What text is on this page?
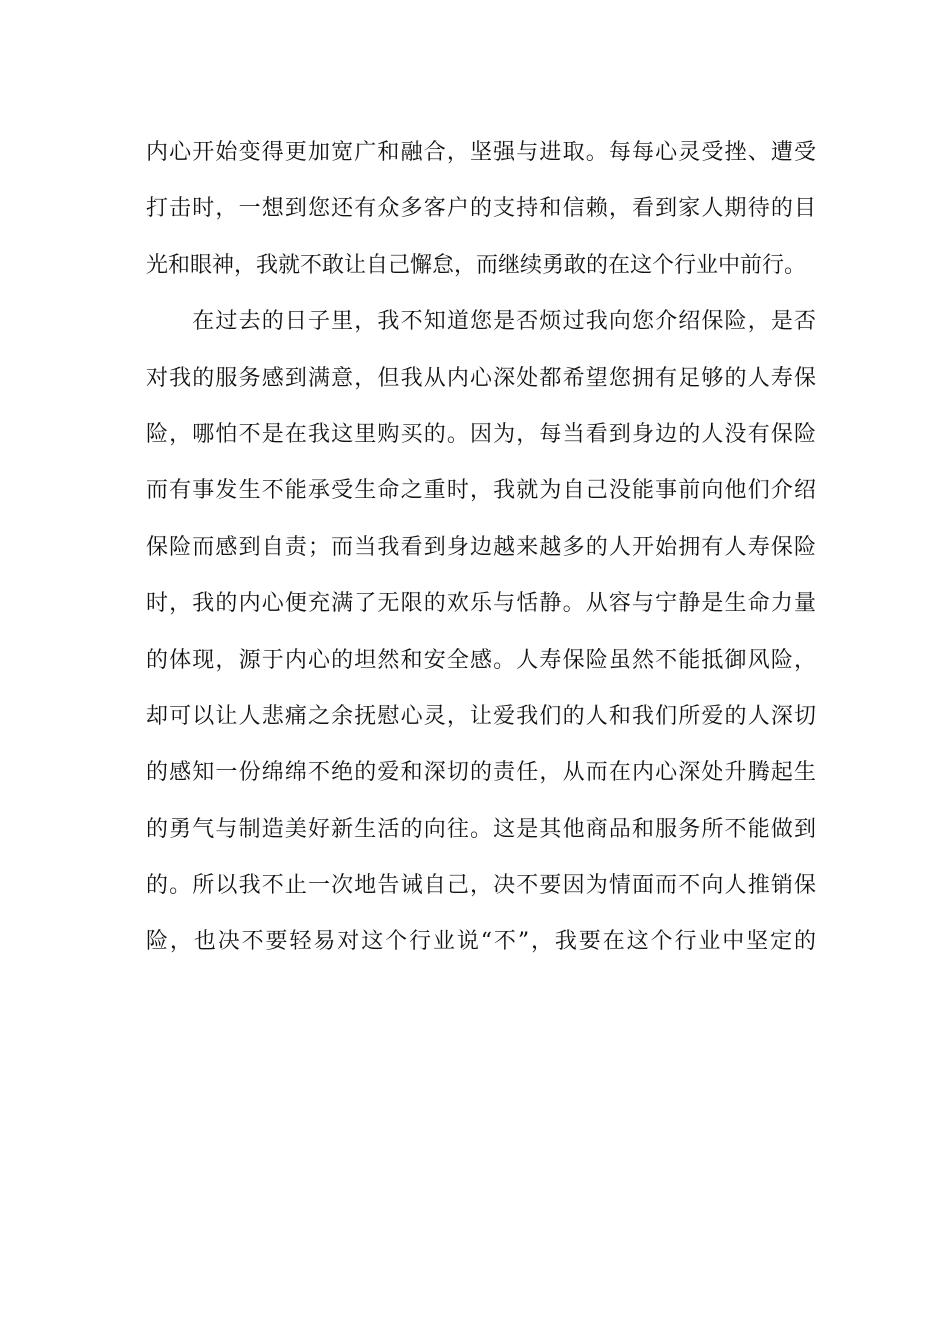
内心开始变得更加宽广和融合，坚强与进取。每每心灵受挫、遭受
打击时，一想到您还有众多客户的支持和信赖，看到家人期待的目
光和眼神，我就不敢让自己懈怠，而继续勇敢的在这个行业中前行。
　　在过去的日子里，我不知道您是否烦过我向您介绍保险，是否
对我的服务感到满意，但我从内心深处都希望您拥有足够的人寿保
险，哪怕不是在我这里购买的。因为，每当看到身边的人没有保险
而有事发生不能承受生命之重时，我就为自己没能事前向他们介绍
保险而感到自责；而当我看到身边越来越多的人开始拥有人寿保险
时，我的内心便充满了无限的欢乐与恬静。从容与宁静是生命力量
的体现，源于内心的坦然和安全感。人寿保险虽然不能抵御风险，
却可以让人悲痛之余抚慰心灵，让爱我们的人和我们所爱的人深切
的感知一份绵绵不绝的爱和深切的责任，从而在内心深处升腾起生
的勇气与制造美好新生活的向往。这是其他商品和服务所不能做到
的。所以我不止一次地告诫自己，决不要因为情面而不向人推销保
险，也决不要轻易对这个行业说“不”，我要在这个行业中坚定的
